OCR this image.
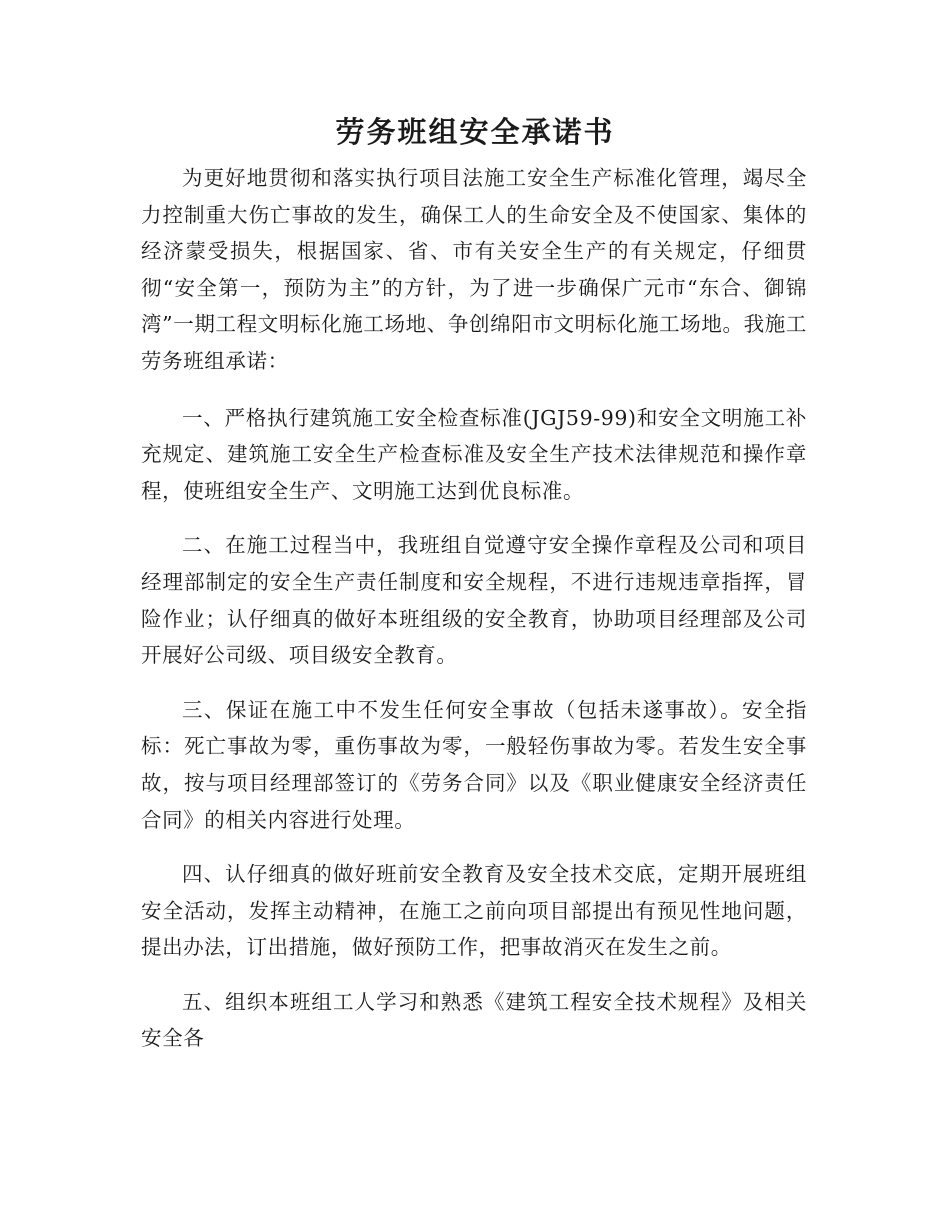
劳务班组安全承诺书

为更好地贯彻和落实执行项目法施工安全生产标准化管理，竭尽全力控制重大伤亡事故的发生，确保工人的生命安全及不使国家、集体的经济蒙受损失，根据国家、省、市有关安全生产的有关规定，仔细贯彻“安全第一，预防为主”的方针，为了进一步确保广元市“东合、御锦湾”一期工程文明标化施工场地、争创绵阳市文明标化施工场地。我施工劳务班组承诺：

一、严格执行建筑施工安全检查标准(JGJ59-99)和安全文明施工补充规定、建筑施工安全生产检查标准及安全生产技术法律规范和操作章程，使班组安全生产、文明施工达到优良标准。

二、在施工过程当中，我班组自觉遵守安全操作章程及公司和项目经理部制定的安全生产责任制度和安全规程，不进行违规违章指挥，冒险作业；认仔细真的做好本班组级的安全教育，协助项目经理部及公司开展好公司级、项目级安全教育。

三、保证在施工中不发生任何安全事故（包括未遂事故）。安全指标：死亡事故为零，重伤事故为零，一般轻伤事故为零。若发生安全事故，按与项目经理部签订的《劳务合同》以及《职业健康安全经济责任合同》的相关内容进行处理。

四、认仔细真的做好班前安全教育及安全技术交底，定期开展班组安全活动，发挥主动精神，在施工之前向项目部提出有预见性地问题，提出办法，订出措施，做好预防工作，把事故消灭在发生之前。

五、组织本班组工人学习和熟悉《建筑工程安全技术规程》及相关安全各
